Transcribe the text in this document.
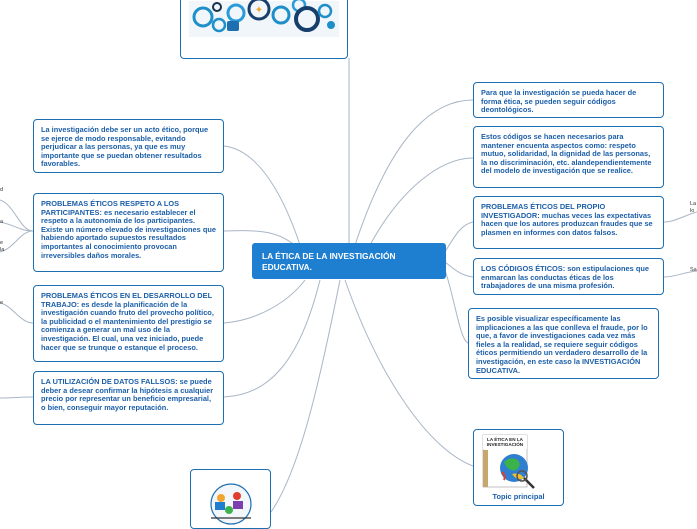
✦
LA ÉTICA DE LA INVESTIGACIÓN EDUCATIVA.
La investigación debe ser un acto ético, porque se ejerce de modo responsable, evitando perjudicar a las personas, ya que es muy importante que se puedan obtener resultados favorables.
PROBLEMAS ÉTICOS RESPETO A LOS PARTICIPANTES: es necesario establecer el respeto a la autonomía de los participantes. Existe un número elevado de investigaciones que habiendo aportado supuestos resultados importantes al conocimiento provocan irreversibles daños morales.
PROBLEMAS ÉTICOS EN EL DESARROLLO DEL TRABAJO: es desde la planificación de la investigación cuando fruto del provecho político, la publicidad o el mantenimiento del prestigio se comienza a generar un mal uso de la investigación. El cual, una vez iniciado, puede hacer que se trunque o estanque el proceso.
LA UTILIZACIÓN DE DATOS FALLSOS: se puede deber a desear confirmar la hipótesis a cualquier precio por representar un beneficio empresarial, o bien, conseguir mayor reputación.
Para que la investigación se pueda hacer de forma ética, se pueden seguir códigos deontológicos.
Estos códigos se hacen necesarios para mantener encuenta aspectos como: respeto mutuo, solidaridad, la dignidad de las personas, la no discriminación, etc. alandependientemente del modelo de investigación que se realice.
PROBLEMAS ÉTICOS DEL PROPIO INVESTIGADOR: muchas veces las expectativas hacen que los autores produzcan fraudes que se plasmen en informes con datos falsos.
LOS CÓDIGOS ÉTICOS: son estipulaciones que enmarcan las conductas éticas de los trabajadores de una misma profesión.
Es posible visualizar específicamente las implicaciones a las que conlleva el fraude, por lo que, a favor de investigaciones cada vez más fieles a la realidad, se requiere seguir códigos éticos permitiendo un verdadero desarrollo de la investigación, en este caso la INVESTIGACIÓN EDUCATIVA.
LA ÉTICA EN LA
INVESTIGACIÓN
Topic principal
La
lo
Sa
d
a
e
la
e
